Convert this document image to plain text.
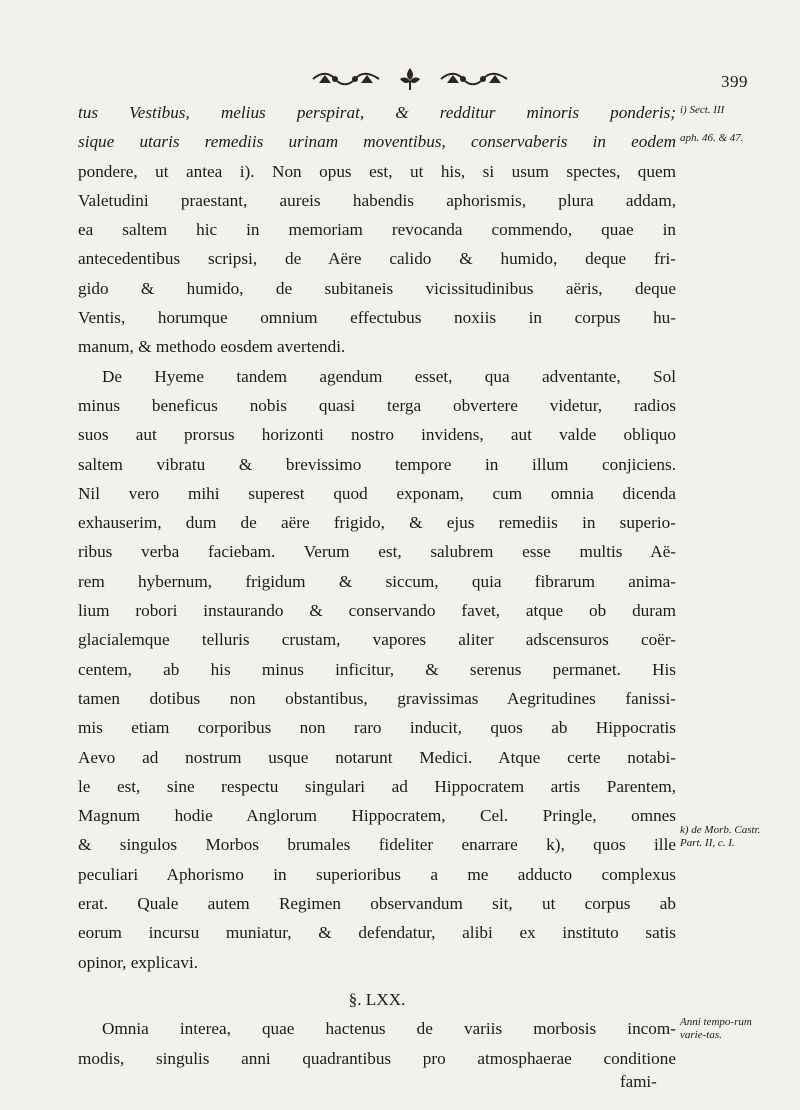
399
tus Vestibus, melius perspirat, & redditur minoris ponderis;
sique utaris remediis urinam moventibus, conservaberis in eodem
pondere, ut antea i). Non opus est, ut his, si usum spectes, quem
Valetudini praestant, aureis habendis aphorismis, plura addam,
ea saltem hic in memoriam revocanda commendo, quae in
antecedentibus scripsi, de Aëre calido & humido, deque fri-
gido & humido, de subitaneis vicissitudinibus aëris, deque
Ventis, horumque omnium effectubus noxiis in corpus hu-
manum, & methodo eosdem avertendi.
De Hyeme tandem agendum esset, qua adventante, Sol
minus beneficus nobis quasi terga obvertere videtur, radios
suos aut prorsus horizonti nostro invidens, aut valde obliquo
saltem vibratu & brevissimo tempore in illum conjiciens.
Nil vero mihi superest quod exponam, cum omnia dicenda
exhauserim, dum de aëre frigido, & ejus remediis in superio-
ribus verba faciebam. Verum est, salubrem esse multis Aë-
rem hybernum, frigidum & siccum, quia fibrarum anima-
lium robori instaurando & conservando favet, atque ob duram
glacialemque telluris crustam, vapores aliter adscensuros coër-
centem, ab his minus inficitur, & serenus permanet. His
tamen dotibus non obstantibus, gravissimas Aegritudines fanissi-
mis etiam corporibus non raro inducit, quos ab Hippocratis
Aevo ad nostrum usque notarunt Medici. Atque certe notabi-
le est, sine respectu singulari ad Hippocratem artis Parentem,
Magnum hodie Anglorum Hippocratem, Cel. Pringle, omnes
& singulos Morbos brumales fideliter enarrare k), quos ille
peculiari Aphorismo in superioribus a me adducto complexus
erat. Quale autem Regimen observandum sit, ut corpus ab
eorum incursu muniatur, & defendatur, alibi ex instituto satis
opinor, explicavi.
§. LXX.
Omnia interea, quae hactenus de variis morbosis incom-
modis, singulis anni quadrantibus pro atmosphaerae conditione
i) Sect. III
aph. 46. & 47.
k) de Morb. Castr. Part. II, c. I.
Anni tempo-rum varie-tas.
fami-
